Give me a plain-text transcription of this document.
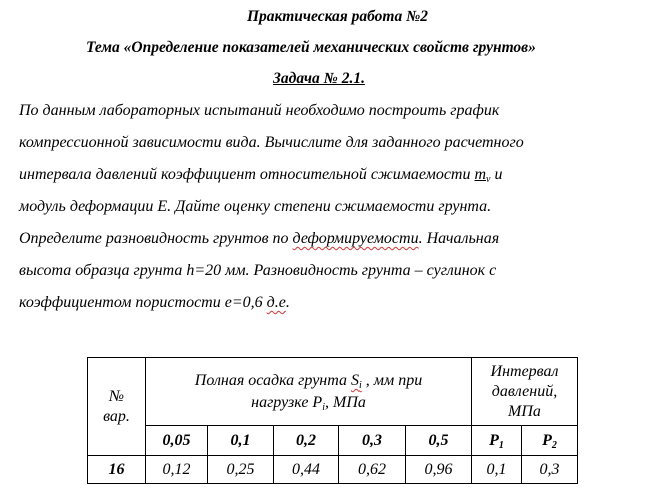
Практическая работа №2
Тема «Определение показателей механических свойств грунтов»
Задача № 2.1.
По данным лабораторных испытаний необходимо построить график
компрессионной зависимости вида. Вычислите для заданного расчетного
интервала давлений коэффициент относительной сжимаемости $m_v$ и
модуль деформации Е. Дайте оценку степени сжимаемости грунта.
Определите разновидность грунтов по деформируемости. Начальная
высота образца грунта h=20 мм. Разновидность грунта – суглинок с
коэффициентом пористости е=0,6 д.е.
№ вар.	Полная осадка грунта $S_i$ , мм при
нагрузке $P_i$, МПа					Интервал давлений, МПа	
	0,05	0,1	0,2	0,3	0,5	$P_1$	$P_2$
16	0,12	0,25	0,44	0,62	0,96	0,1	0,3
